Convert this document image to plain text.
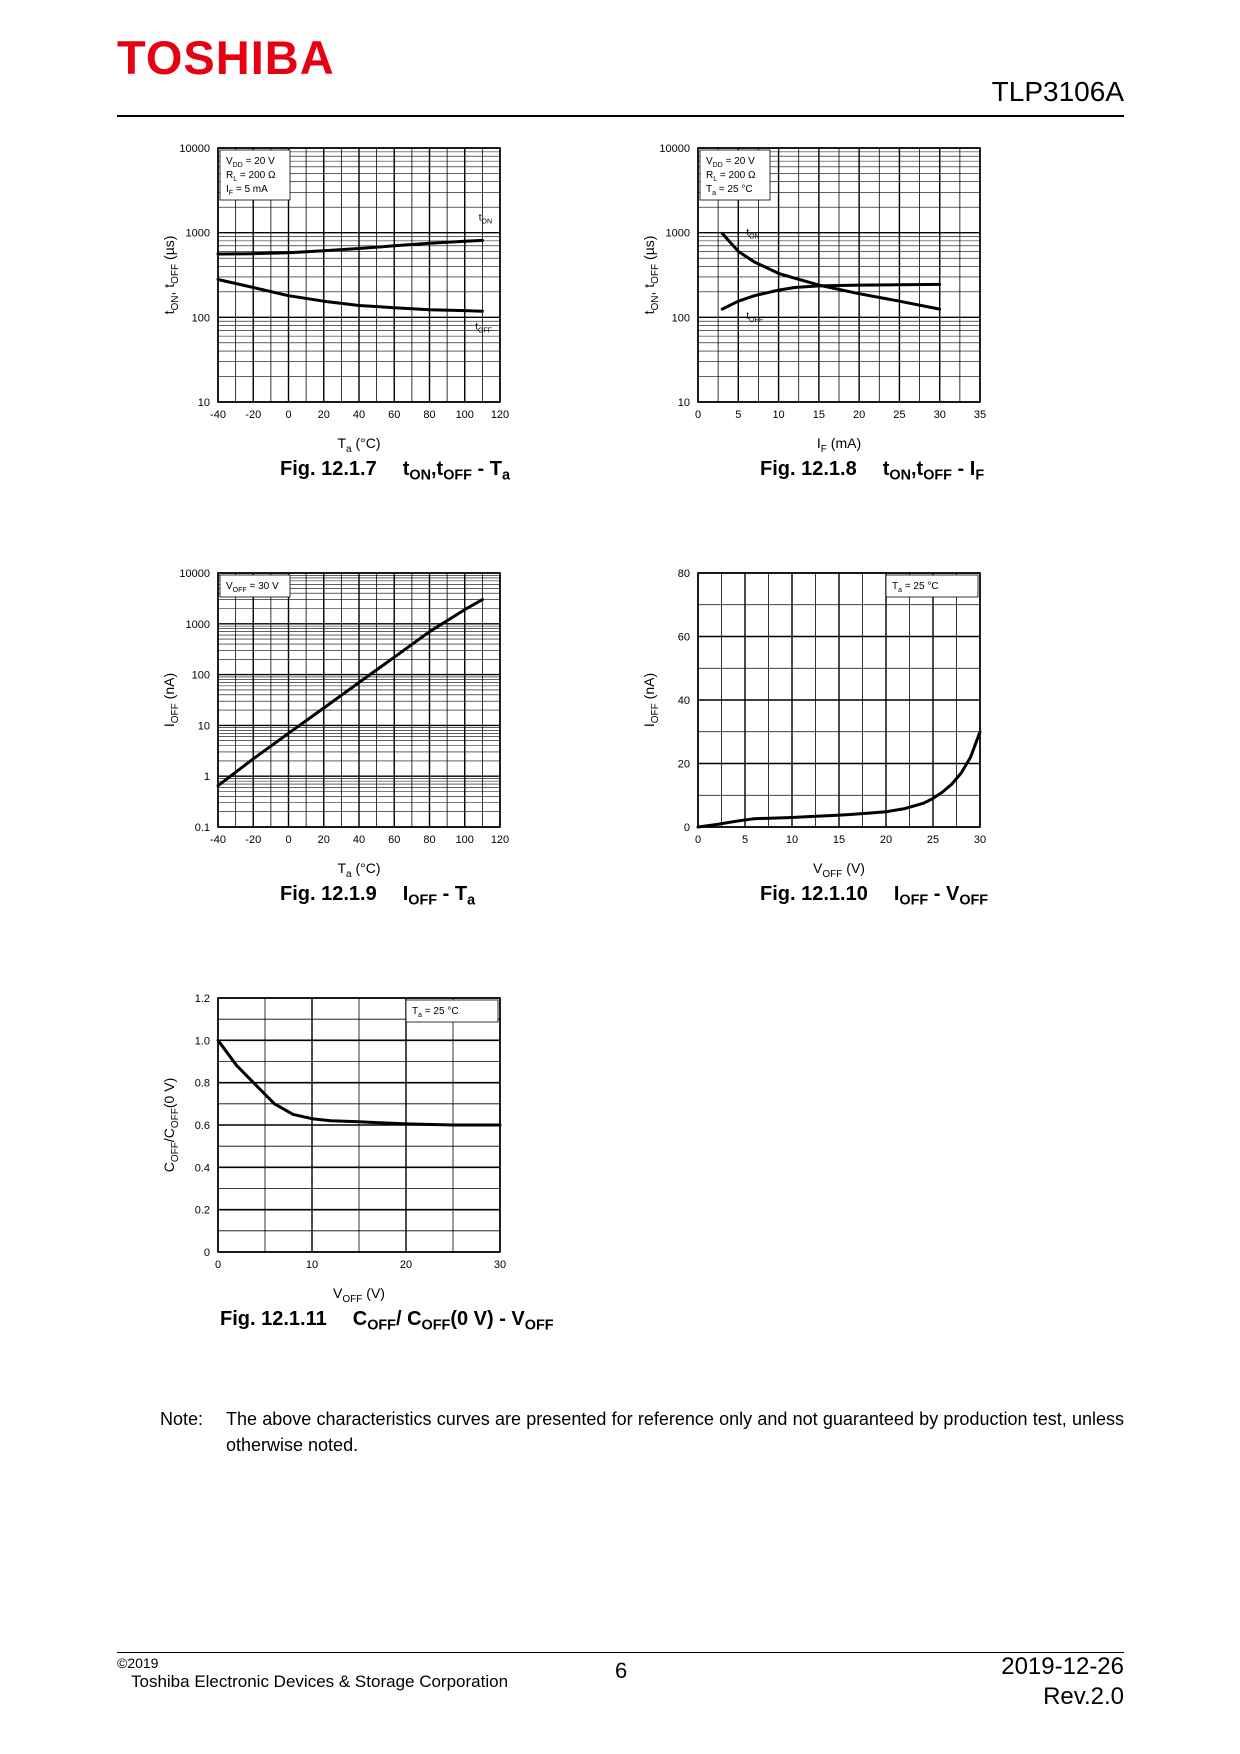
TOSHIBA
TLP3106A
$V_{DD} = 20$ V
$R_L = 200$ Ω
$I_F = 5$ mA
-40 -20 0 20 40 60 80 100 120
10
100
1000
10000
$t_{ON}$
$t_{OFF}$
$T_a$ (°C)
$t_{ON}$, $t_{OFF}$ (µs)
$V_{DD} = 20$ V
$R_L = 200$ Ω
$T_a = 25$ °C
0	5	10	15	20	25	30	35
10
100
1000
10000
$t_{ON}$
$t_{OFF}$
$I_F$ (mA)
$t_{ON}$, $t_{OFF}$ (µs)
$V_{OFF} = 30$ V
-40 -20 0 20 40 60 80 100 120
0.1
1
10
100
1000
10000
$T_a$ (°C)
$I_{OFF}$ (nA)
$T_a = 25$ °C
0	5	10	15	20	25	30
0
20
40
60
80
$V_{OFF}$ (V)
$I_{OFF}$ (nA)
$T_a = 25$ °C
0	10	20	30
0
0.2
0.4
0.6
0.8
1.0
1.2
$V_{OFF}$ (V)
$C_{OFF}/C_{OFF}(0$ V)
Note: The above characteristics curves are presented for reference only and not guaranteed by production test, unless otherwise noted.
©2019
Toshiba Electronic Devices & Storage Corporation	6	2019-12-26
Rev.2.0
Fig. 12.1.7 $t_{ON},t_{OFF} - T_a$	Fig. 12.1.8 $t_{ON},t_{OFF} - I_F$
Fig. 12.1.9 $I_{OFF} - T_a$	Fig. 12.1.10 $I_{OFF} - V_{OFF}$
Fig. 12.1.11 $C_{OFF}/$ $C_{OFF}(0$ $V) - V_{OFF}$
